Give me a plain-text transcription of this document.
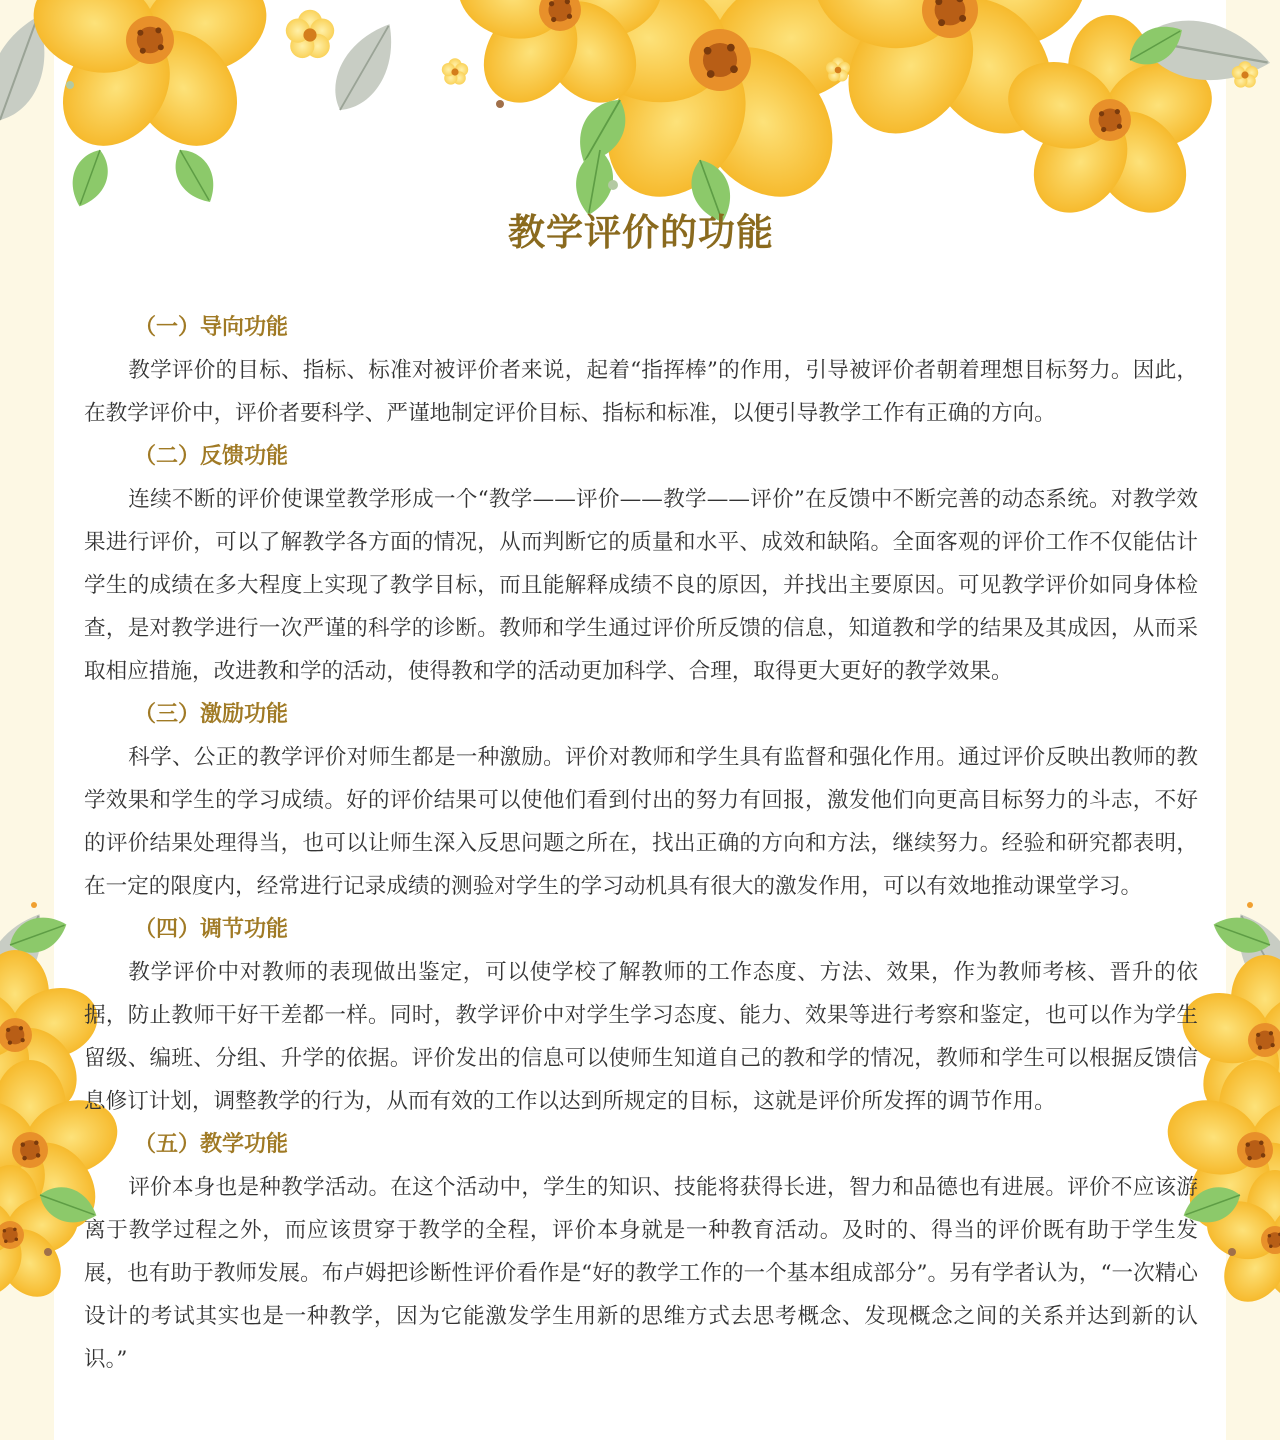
教学评价的功能

（一）导向功能

教学评价的目标、指标、标准对被评价者来说，起着“指挥棒”的作用，引导被评价者朝着理想目标努力。因此，在教学评价中，评价者要科学、严谨地制定评价目标、指标和标准，以便引导教学工作有正确的方向。

（二）反馈功能

连续不断的评价使课堂教学形成一个“教学——评价——教学——评价”在反馈中不断完善的动态系统。对教学效果进行评价，可以了解教学各方面的情况，从而判断它的质量和水平、成效和缺陷。全面客观的评价工作不仅能估计学生的成绩在多大程度上实现了教学目标，而且能解释成绩不良的原因，并找出主要原因。可见教学评价如同身体检查，是对教学进行一次严谨的科学的诊断。教师和学生通过评价所反馈的信息，知道教和学的结果及其成因，从而采取相应措施，改进教和学的活动，使得教和学的活动更加科学、合理，取得更大更好的教学效果。

（三）激励功能

科学、公正的教学评价对师生都是一种激励。评价对教师和学生具有监督和强化作用。通过评价反映出教师的教学效果和学生的学习成绩。好的评价结果可以使他们看到付出的努力有回报，激发他们向更高目标努力的斗志，不好的评价结果处理得当，也可以让师生深入反思问题之所在，找出正确的方向和方法，继续努力。经验和研究都表明，在一定的限度内，经常进行记录成绩的测验对学生的学习动机具有很大的激发作用，可以有效地推动课堂学习。

（四）调节功能

教学评价中对教师的表现做出鉴定，可以使学校了解教师的工作态度、方法、效果，作为教师考核、晋升的依据，防止教师干好干差都一样。同时，教学评价中对学生学习态度、能力、效果等进行考察和鉴定，也可以作为学生留级、编班、分组、升学的依据。评价发出的信息可以使师生知道自己的教和学的情况，教师和学生可以根据反馈信息修订计划，调整教学的行为，从而有效的工作以达到所规定的目标，这就是评价所发挥的调节作用。

（五）教学功能

评价本身也是种教学活动。在这个活动中，学生的知识、技能将获得长进，智力和品德也有进展。评价不应该游离于教学过程之外，而应该贯穿于教学的全程，评价本身就是一种教育活动。及时的、得当的评价既有助于学生发展，也有助于教师发展。布卢姆把诊断性评价看作是“好的教学工作的一个基本组成部分”。另有学者认为，“一次精心设计的考试其实也是一种教学，因为它能激发学生用新的思维方式去思考概念、发现概念之间的关系并达到新的认识。”
